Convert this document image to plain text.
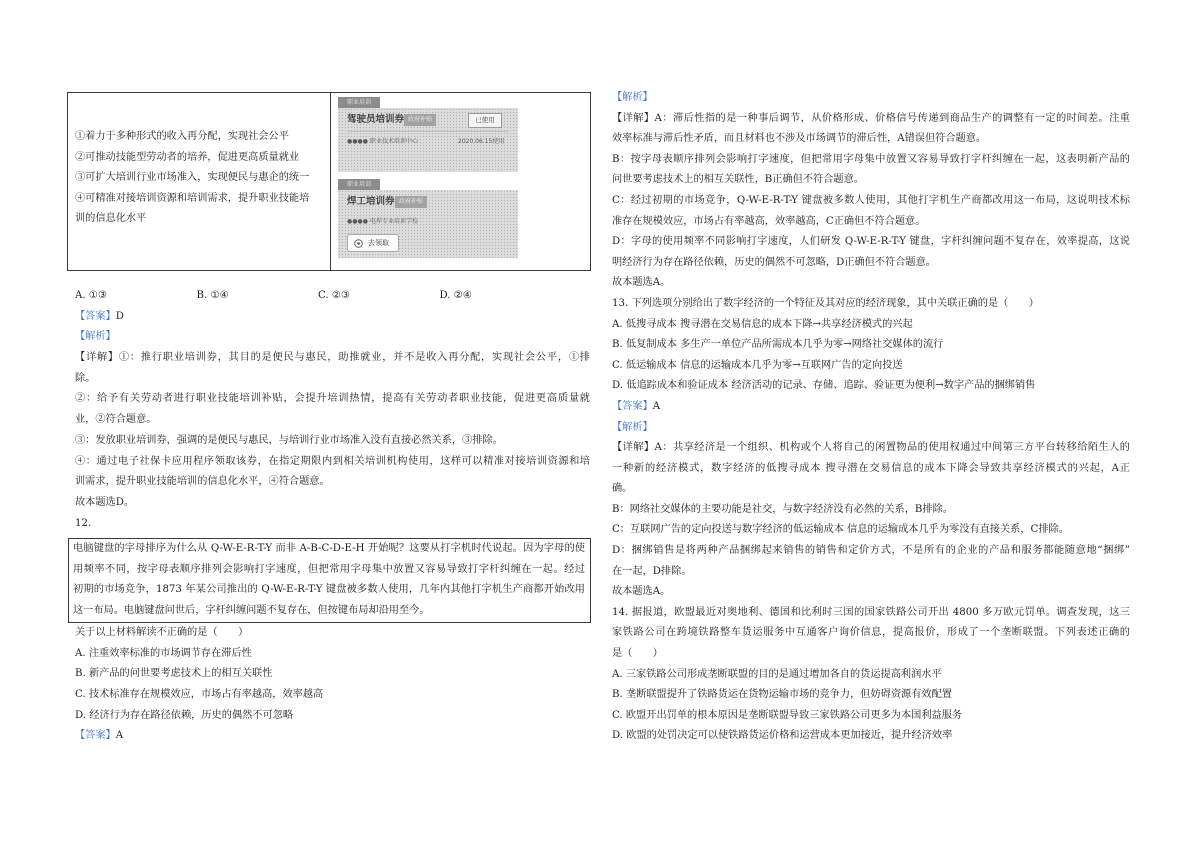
①着力于多种形式的收入再分配，实现社会公平
②可推动技能型劳动者的培养，促进更高质量就业
③可扩大培训行业市场准入，实现便民与惠企的统一
④可精准对接培训资源和培训需求，提升职业技能培
训的信息化水平
职业培训
驾驶员培训券 政府补贴	已使用
●●●● 职业技术培训中心	2020.06.15使用
职业培训
焊工培训券 政府补贴
●●●● 电焊专业培训学校
去领取
A. ①③	B. ①④	C. ②③	D. ②④
【答案】D
【解析】
【详解】①：推行职业培训券，其目的是便民与惠民，助推就业，并不是收入再分配，实现社会公平，①排
除。
②：给予有关劳动者进行职业技能培训补贴，会提升培训热情，提高有关劳动者职业技能，促进更高质量就
业，②符合题意。
③：发放职业培训券，强调的是便民与惠民，与培训行业市场准入没有直接必然关系，③排除。
④：通过电子社保卡应用程序领取该券，在指定期限内到相关培训机构使用，这样可以精准对接培训资源和培
训需求，提升职业技能培训的信息化水平，④符合题意。
故本题选D。
12.
电脑键盘的字母排序为什么从 Q-W-E-R-T-Y 而非 A-B-C-D-E-H 开始呢？这要从打字机时代说起。因为字母的使
用频率不同，按字母表顺序排列会影响打字速度，但把常用字母集中放置又容易导致打字杆纠缠在一起。经过
初期的市场竞争，1873 年某公司推出的 Q-W-E-R-T-Y 键盘被多数人使用，几年内其他打字机生产商都开始改用
这一布局。电脑键盘问世后，字杆纠缠问题不复存在，但按键布局却沿用至今。
关于以上材料解读不正确的是（　　）
A. 注重效率标准的市场调节存在滞后性
B. 新产品的问世要考虑技术上的相互关联性
C. 技术标准存在规模效应，市场占有率越高，效率越高
D. 经济行为存在路径依赖，历史的偶然不可忽略
【答案】A
【解析】
【详解】A：滞后性指的是一种事后调节，从价格形成、价格信号传递到商品生产的调整有一定的时间差。注重
效率标准与滞后性矛盾，而且材料也不涉及市场调节的滞后性，A错误但符合题意。
B：按字母表顺序排列会影响打字速度，但把常用字母集中放置又容易导致打字杆纠缠在一起，这表明新产品的
问世要考虑技术上的相互关联性，B正确但不符合题意。
C：经过初期的市场竞争，Q-W-E-R-T-Y 键盘被多数人使用，其他打字机生产商都改用这一布局，这说明技术标
准存在规模效应，市场占有率越高，效率越高，C正确但不符合题意。
D：字母的使用频率不同影响打字速度，人们研发 Q-W-E-R-T-Y 键盘，字杆纠缠问题不复存在，效率提高，这说
明经济行为存在路径依赖，历史的偶然不可忽略，D正确但不符合题意。
故本题选A。
13. 下列选项分别给出了数字经济的一个特征及其对应的经济现象，其中关联正确的是（　　）
A. 低搜寻成本 搜寻潜在交易信息的成本下降→共享经济模式的兴起
B. 低复制成本 多生产一单位产品所需成本几乎为零→网络社交媒体的流行
C. 低运输成本 信息的运输成本几乎为零→互联网广告的定向投送
D. 低追踪成本和验证成本 经济活动的记录、存储、追踪、验证更为便利→数字产品的捆绑销售
【答案】A
【解析】
【详解】A：共享经济是一个组织、机构或个人将自己的闲置物品的使用权通过中间第三方平台转移给陌生人的
一种新的经济模式，数字经济的低搜寻成本 搜寻潜在交易信息的成本下降会导致共享经济模式的兴起，A正
确。
B：网络社交媒体的主要功能是社交，与数字经济没有必然的关系，B排除。
C：互联网广告的定向投送与数字经济的低运输成本 信息的运输成本几乎为零没有直接关系，C排除。
D：捆绑销售是将两种产品捆绑起来销售的销售和定价方式，不是所有的企业的产品和服务都能随意地“捆绑”
在一起，D排除。
故本题选A。
14. 据报道，欧盟最近对奥地利、德国和比利时三国的国家铁路公司开出 4800 多万欧元罚单。调查发现，这三
家铁路公司在跨境铁路整车货运服务中互通客户询价信息，提高报价，形成了一个垄断联盟。下列表述正确的
是（　　）
A. 三家铁路公司形成垄断联盟的目的是通过增加各自的货运提高利润水平
B. 垄断联盟提升了铁路货运在货物运输市场的竞争力，但妨碍资源有效配置
C. 欧盟开出罚单的根本原因是垄断联盟导致三家铁路公司更多为本国利益服务
D. 欧盟的处罚决定可以使铁路货运价格和运营成本更加接近，提升经济效率
